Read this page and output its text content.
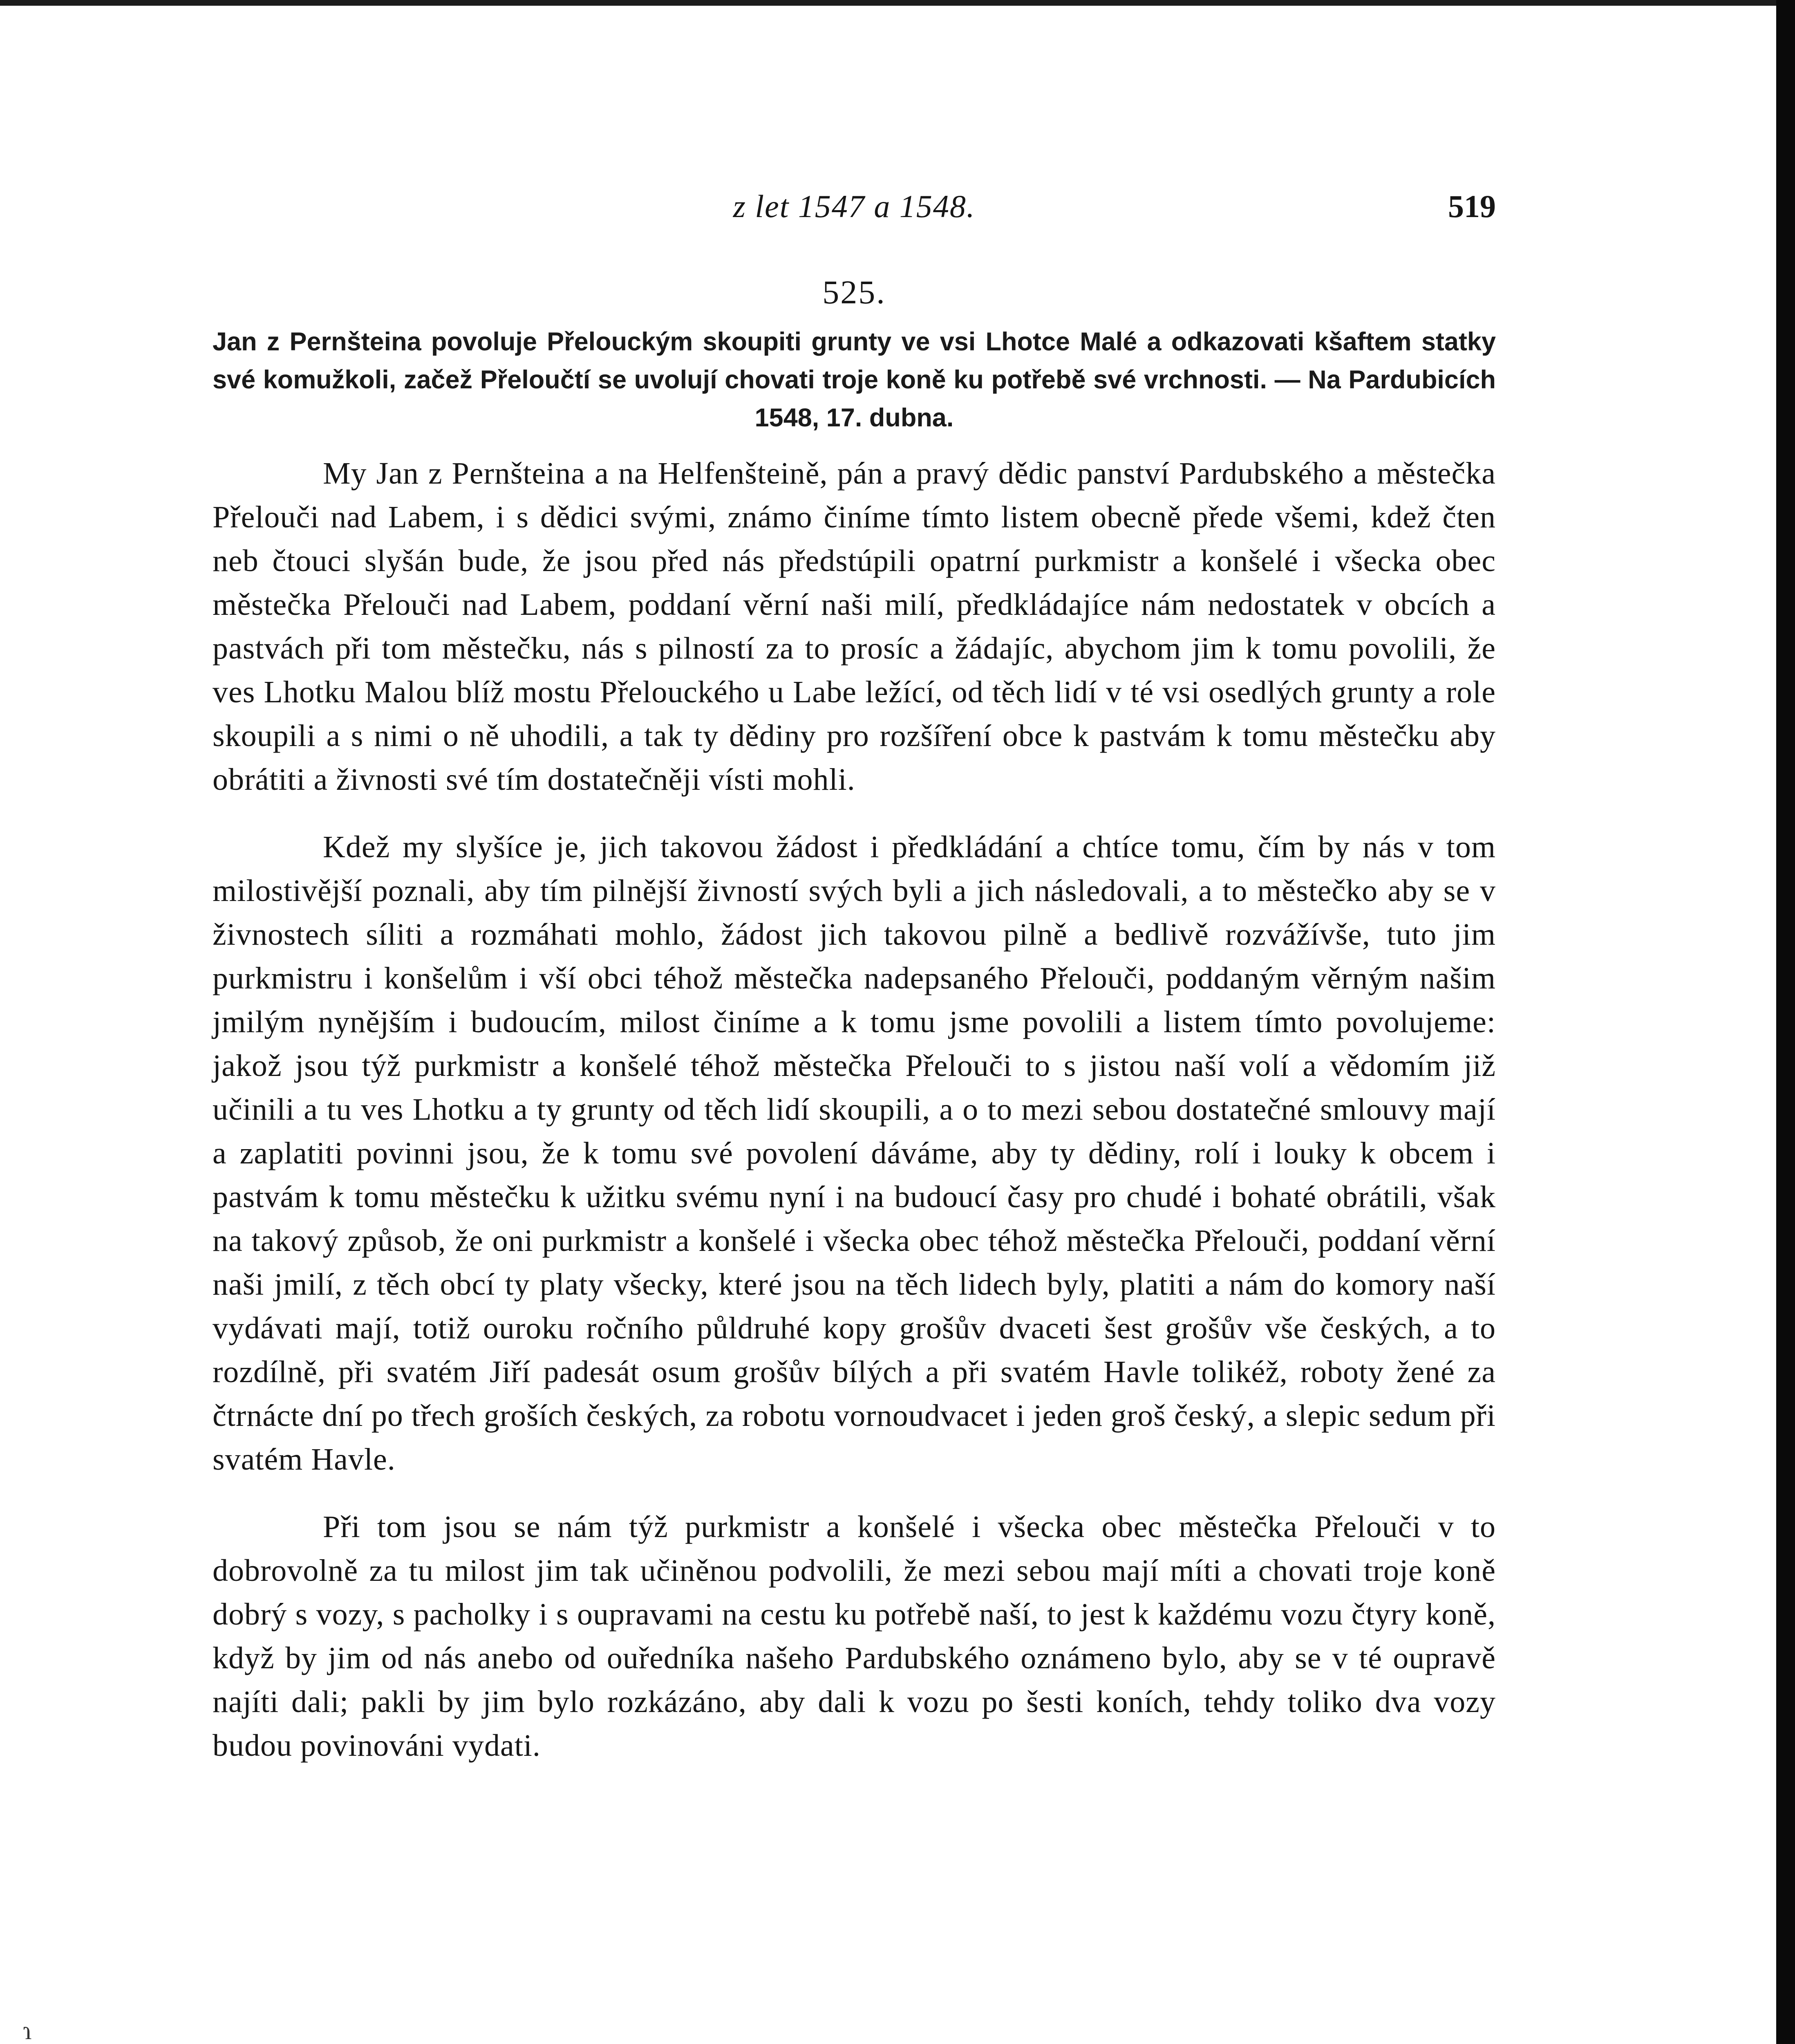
z let 1547 a 1548.	519
525.
Jan z Pernšteina povoluje Přelouckým skoupiti grunty ve vsi Lhotce Malé a odkazovati kšaftem statky své komužkoli, začež Přeloučtí se uvolují chovati troje koně ku potřebě své vrchnosti. — Na Pardubicích 1548, 17. dubna.

My Jan z Pernšteina a na Helfenšteině, pán a pravý dědic panství Pardubského a městečka Přelouči nad Labem, i s dědici svými, známo činíme tímto listem obecně přede všemi, kdež čten neb čtouci slyšán bude, že jsou před nás předstúpili opatrní purkmistr a konšelé i všecka obec městečka Přelouči nad Labem, poddaní věrní naši milí, předkládajíce nám nedostatek v obcích a pastvách při tom městečku, nás s pilností za to prosíc a žádajíc, abychom jim k tomu povolili, že ves Lhotku Malou blíž mostu Přelouckého u Labe ležící, od těch lidí v té vsi osedlých grunty a role skoupili a s nimi o ně uhodili, a tak ty dědiny pro rozšíření obce k pastvám k tomu městečku aby obrátiti a živnosti své tím dostatečněji vísti mohli.

Kdež my slyšíce je, jich takovou žádost i předkládání a chtíce tomu, čím by nás v tom milostivější poznali, aby tím pilnější živností svých byli a jich následovali, a to městečko aby se v živnostech síliti a rozmáhati mohlo, žádost jich takovou pilně a bedlivě rozvážívše, tuto jim purkmistru i konšelům i vší obci téhož městečka nadepsaného Přelouči, poddaným věrným našim jmilým nynějším i budoucím, milost činíme a k tomu jsme povolili a listem tímto povolujeme: jakož jsou týž purkmistr a konšelé téhož městečka Přelouči to s jistou naší volí a vědomím již učinili a tu ves Lhotku a ty grunty od těch lidí skoupili, a o to mezi sebou dostatečné smlouvy mají a zaplatiti povinni jsou, že k tomu své povolení dáváme, aby ty dědiny, rolí i louky k obcem i pastvám k tomu městečku k užitku svému nyní i na budoucí časy pro chudé i bohaté obrátili, však na takový způsob, že oni purkmistr a konšelé i všecka obec téhož městečka Přelouči, poddaní věrní naši jmilí, z těch obcí ty platy všecky, které jsou na těch lidech byly, platiti a nám do komory naší vydávati mají, totiž ouroku ročního půldruhé kopy grošův dvaceti šest grošův vše českých, a to rozdílně, při svatém Jiří padesát osum grošův bílých a při svatém Havle tolikéž, roboty žené za čtrnácte dní po třech groších českých, za robotu vornoudvacet i jeden groš český, a slepic sedum při svatém Havle.

Při tom jsou se nám týž purkmistr a konšelé i všecka obec městečka Přelouči v to dobrovolně za tu milost jim tak učiněnou podvolili, že mezi sebou mají míti a chovati troje koně dobrý s vozy, s pacholky i s oupravami na cestu ku potřebě naší, to jest k každému vozu čtyry koně, když by jim od nás anebo od ouředníka našeho Pardubského oznámeno bylo, aby se v té oupravě najíti dali; pakli by jim bylo rozkázáno, aby dali k vozu po šesti koních, tehdy toliko dva vozy budou povinováni vydati.

ɿ
